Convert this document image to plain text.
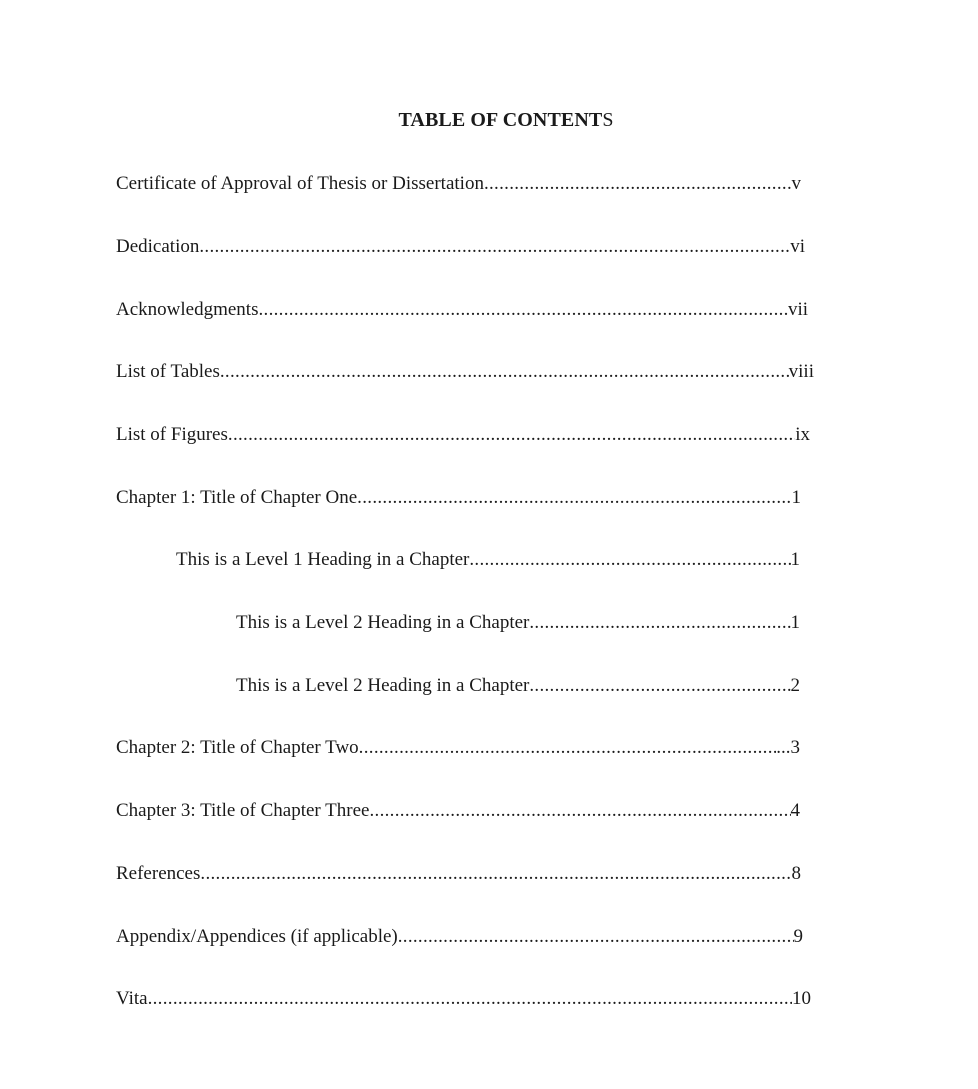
TABLE OF CONTENTS
Certificate of Approval of Thesis or Dissertation .....	v
Dedication .....	vi
Acknowledgments .....	vii
List of Tables .....	viii
List of Figures .....	ix
Chapter 1: Title of Chapter One .....	1
This is a Level 1 Heading in a Chapter .....	1
This is a Level 2 Heading in a Chapter .....	1
This is a Level 2 Heading in a Chapter .....	2
Chapter 2: Title of Chapter Two .....	...3
Chapter 3: Title of Chapter Three .....	4
References .....	8
Appendix/Appendices (if applicable) .....	9
Vita .....	10
